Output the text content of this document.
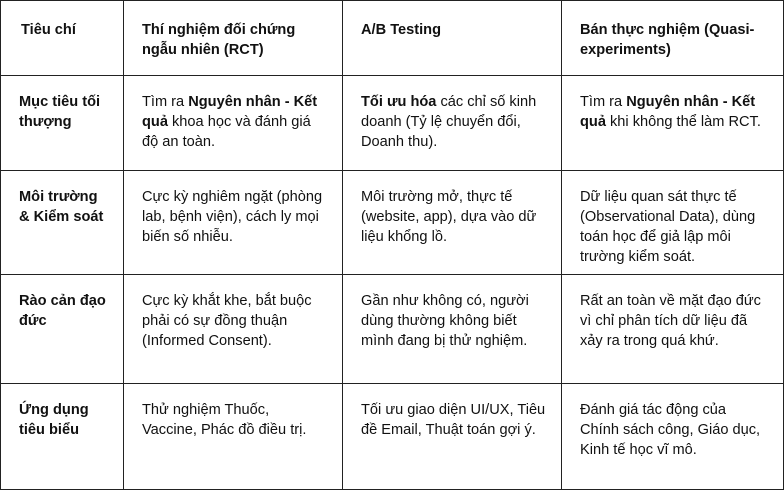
Tiêu chí	Thí nghiệm đối chứng ngẫu nhiên (RCT)	A/B Testing	Bán thực nghiệm (Quasi-experiments)

Mục tiêu tối thượng	Tìm ra Nguyên nhân - Kết quả khoa học và đánh giá độ an toàn.	Tối ưu hóa các chỉ số kinh doanh (Tỷ lệ chuyển đổi, Doanh thu).	Tìm ra Nguyên nhân - Kết quả khi không thể làm RCT.

Môi trường & Kiểm soát	Cực kỳ nghiêm ngặt (phòng lab, bệnh viện), cách ly mọi biến số nhiễu.	Môi trường mở, thực tế (website, app), dựa vào dữ liệu khổng lồ.	Dữ liệu quan sát thực tế (Observational Data), dùng toán học để giả lập môi trường kiểm soát.

Rào cản đạo đức	Cực kỳ khắt khe, bắt buộc phải có sự đồng thuận (Informed Consent).	Gần như không có, người dùng thường không biết mình đang bị thử nghiệm.	Rất an toàn về mặt đạo đức vì chỉ phân tích dữ liệu đã xảy ra trong quá khứ.

Ứng dụng tiêu biểu	Thử nghiệm Thuốc, Vaccine, Phác đồ điều trị.	Tối ưu giao diện UI/UX, Tiêu đề Email, Thuật toán gợi ý.	Đánh giá tác động của Chính sách công, Giáo dục, Kinh tế học vĩ mô.
